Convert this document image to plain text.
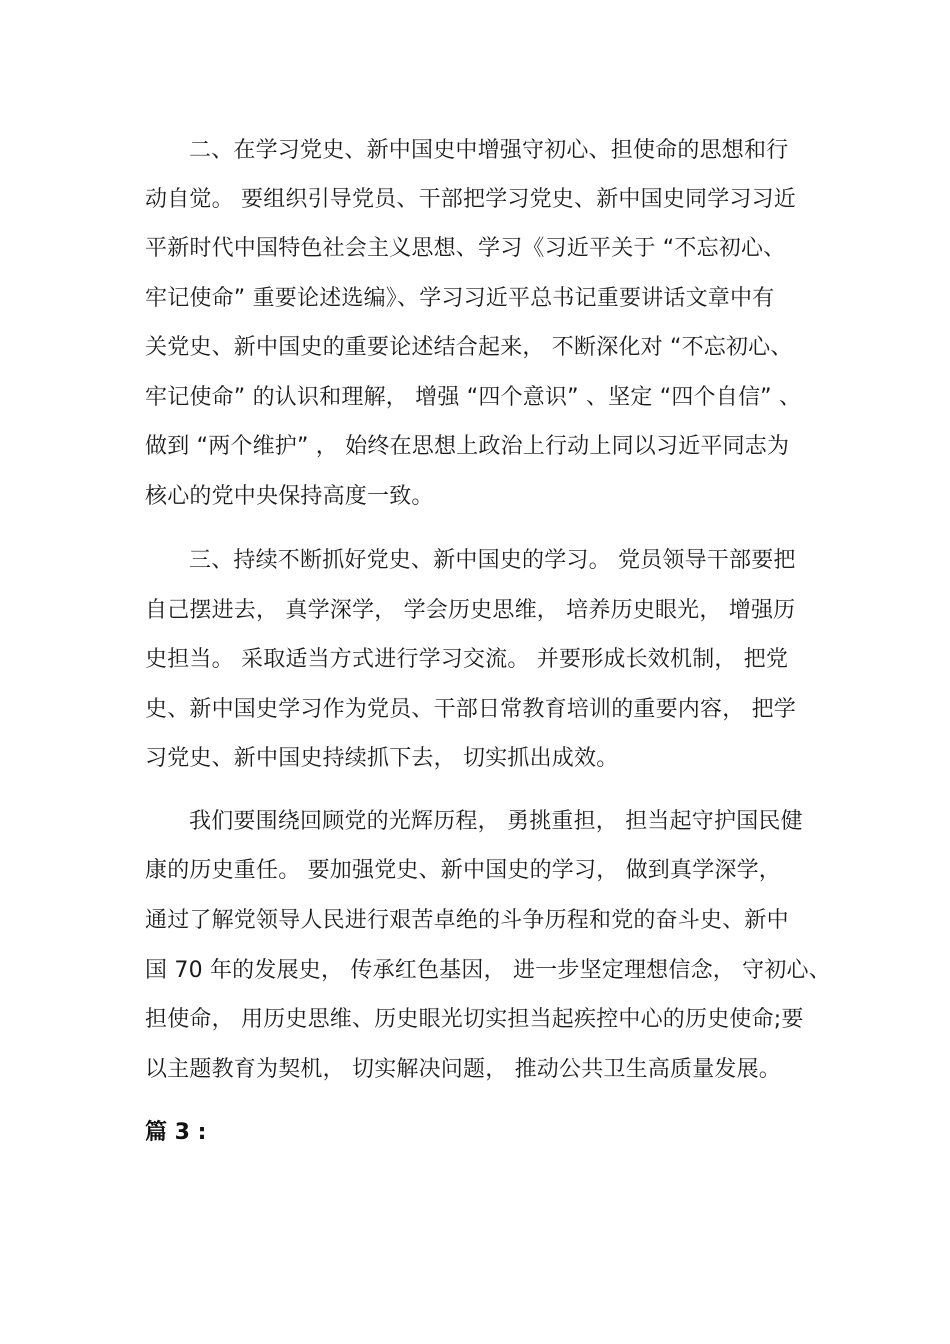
二、在学习党史、新中国史中增强守初心、担使命的思想和行

动自觉。 要组织引导党员、干部把学习党史、新中国史同学习习近

平新时代中国特色社会主义思想、学习《习近平关于 “不忘初心、

牢记使命” 重要论述选编》、学习习近平总书记重要讲话文章中有

关党史、新中国史的重要论述结合起来， 不断深化对 “不忘初心、

牢记使命” 的认识和理解， 增强 “四个意识” 、坚定 “四个自信” 、

做到 “两个维护” ， 始终在思想上政治上行动上同以习近平同志为

核心的党中央保持高度一致。

三、持续不断抓好党史、新中国史的学习。 党员领导干部要把

自己摆进去， 真学深学， 学会历史思维， 培养历史眼光， 增强历

史担当。 采取适当方式进行学习交流。 并要形成长效机制， 把党

史、新中国史学习作为党员、干部日常教育培训的重要内容， 把学

习党史、新中国史持续抓下去， 切实抓出成效。

我们要围绕回顾党的光辉历程， 勇挑重担， 担当起守护国民健

康的历史重任。 要加强党史、新中国史的学习， 做到真学深学，

通过了解党领导人民进行艰苦卓绝的斗争历程和党的奋斗史、新中

国 70 年的发展史， 传承红色基因， 进一步坚定理想信念， 守初心、

担使命， 用历史思维、历史眼光切实担当起疾控中心的历史使命;要

以主题教育为契机， 切实解决问题， 推动公共卫生高质量发展。

篇 3 :
